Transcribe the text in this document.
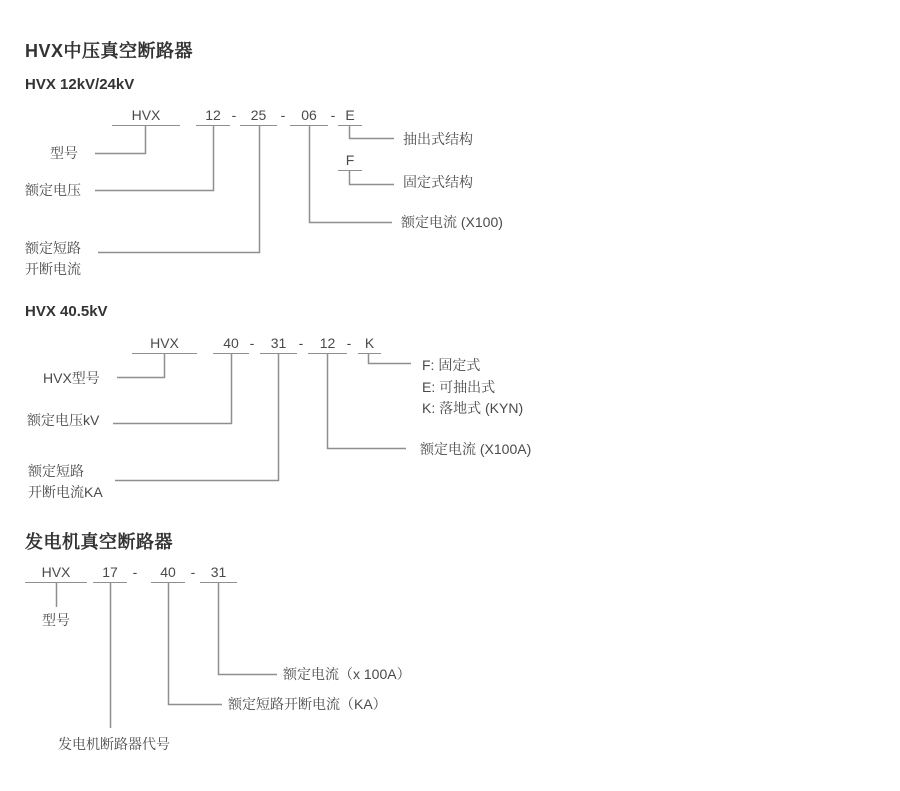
HVX中压真空断路器
HVX 12kV/24kV
HVX	12 -	25	-	06 - E
F
型号
额定电压
额定短路
开断电流
抽出式结构
固定式结构
额定电流 (X100)
HVX 40.5kV
HVX	40 -	31 -	12 - K
HVX型号
额定电压kV
额定短路
开断电流KA
F: 固定式
E: 可抽出式
K: 落地式 (KYN)
额定电流 (X100A)
发电机真空断路器
HVX	17	-	40	-	31
型号
额定电流（x 100A）
额定短路开断电流（KA）
发电机断路器代号
